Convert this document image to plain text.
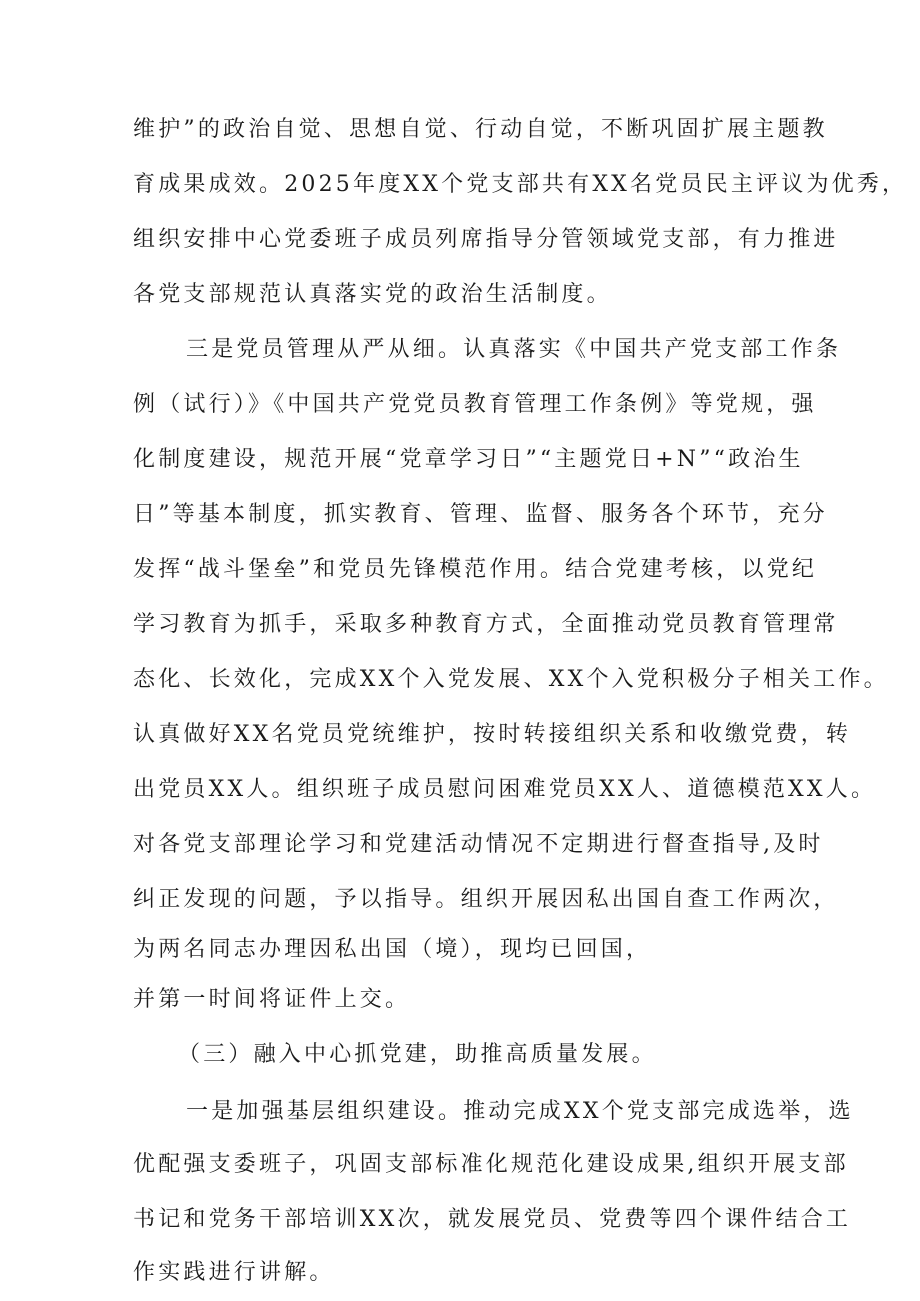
维护”的政治自觉、思想自觉、行动自觉，不断巩固扩展主题教
育成果成效。2025年度XX个党支部共有XX名党员民主评议为优秀，
组织安排中心党委班子成员列席指导分管领域党支部，有力推进
各党支部规范认真落实党的政治生活制度。
三是党员管理从严从细。认真落实《中国共产党支部工作条
例（试行）》《中国共产党党员教育管理工作条例》等党规，强
化制度建设，规范开展“党章学习日”“主题党日+N”“政治生
日”等基本制度，抓实教育、管理、监督、服务各个环节，充分
发挥“战斗堡垒”和党员先锋模范作用。结合党建考核，以党纪
学习教育为抓手，采取多种教育方式，全面推动党员教育管理常
态化、长效化，完成XX个入党发展、XX个入党积极分子相关工作。
认真做好XX名党员党统维护，按时转接组织关系和收缴党费，转
出党员XX人。组织班子成员慰问困难党员XX人、道德模范XX人。
对各党支部理论学习和党建活动情况不定期进行督查指导,及时
纠正发现的问题，予以指导。组织开展因私出国自查工作两次，
为两名同志办理因私出国（境），现均已回国，
并第一时间将证件上交。
（三）融入中心抓党建，助推高质量发展。
一是加强基层组织建设。推动完成XX个党支部完成选举，选
优配强支委班子，巩固支部标准化规范化建设成果,组织开展支部
书记和党务干部培训XX次，就发展党员、党费等四个课件结合工
作实践进行讲解。
